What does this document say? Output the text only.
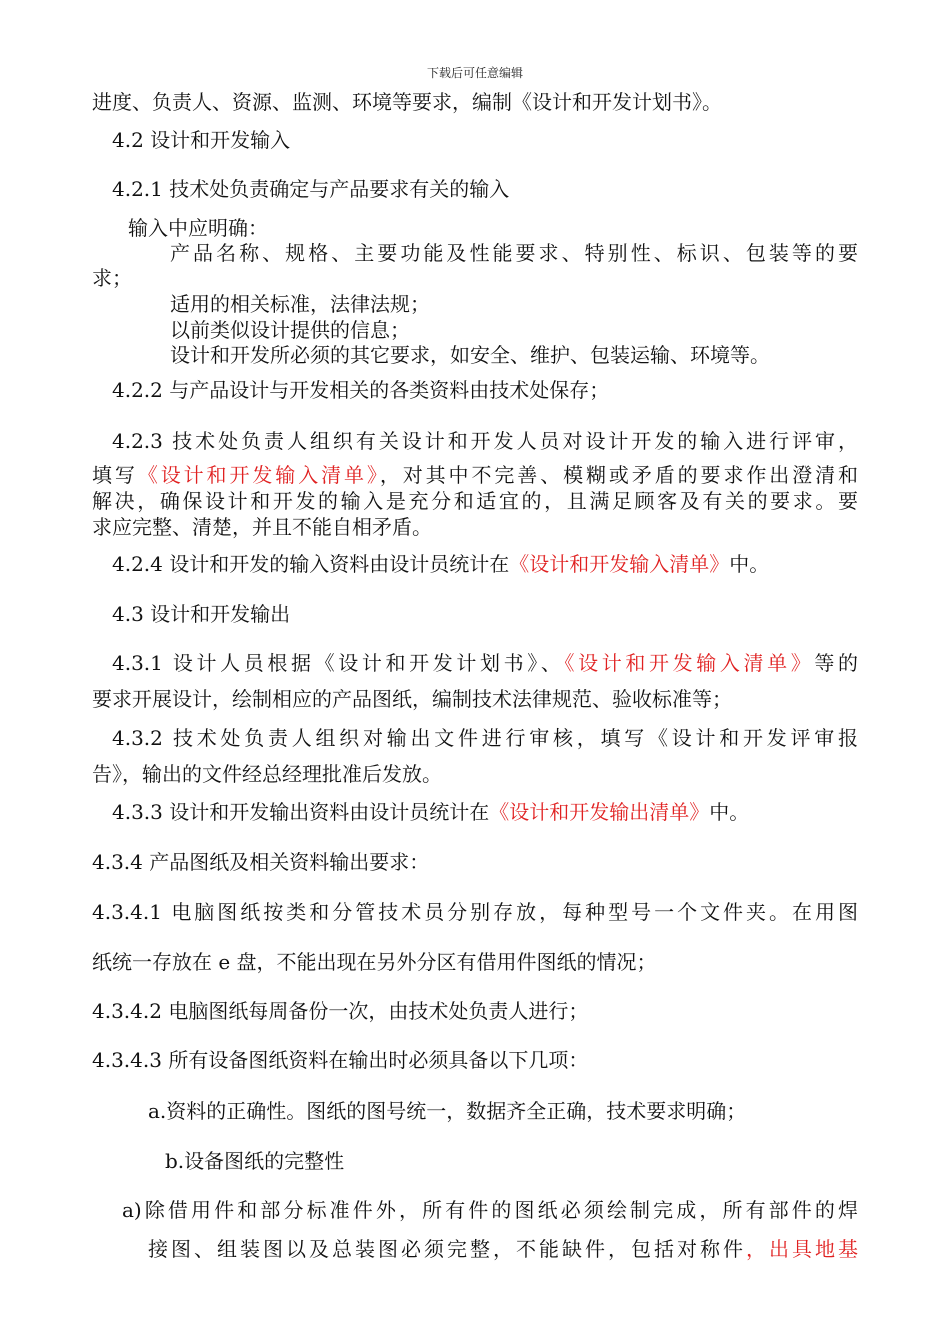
下载后可任意编辑
进度、负责人、资源、监测、环境等要求，编制《设计和开发计划书》。
4.2 设计和开发输入
4.2.1 技术处负责确定与产品要求有关的输入
输入中应明确：
产品名称、规格、主要功能及性能要求、特别性、标识、包装等的要
求；
适用的相关标准，法律法规；
以前类似设计提供的信息；
设计和开发所必须的其它要求，如安全、维护、包装运输、环境等。
4.2.2 与产品设计与开发相关的各类资料由技术处保存；
4.2.3 技术处负责人组织有关设计和开发人员对设计开发的输入进行评审，
填写《设计和开发输入清单》，对其中不完善、模糊或矛盾的要求作出澄清和
解决，确保设计和开发的输入是充分和适宜的，且满足顾客及有关的要求。要
求应完整、清楚，并且不能自相矛盾。
4.2.4 设计和开发的输入资料由设计员统计在《设计和开发输入清单》中。
4.3 设计和开发输出
4.3.1 设计人员根据《设计和开发计划书》、《设计和开发输入清单》等的
要求开展设计，绘制相应的产品图纸，编制技术法律规范、验收标准等；
4.3.2 技术处负责人组织对输出文件进行审核，填写《设计和开发评审报
告》，输出的文件经总经理批准后发放。
4.3.3 设计和开发输出资料由设计员统计在《设计和开发输出清单》中。
4.3.4 产品图纸及相关资料输出要求：
4.3.4.1 电脑图纸按类和分管技术员分别存放，每种型号一个文件夹。在用图
纸统一存放在 e 盘，不能出现在另外分区有借用件图纸的情况；
4.3.4.2 电脑图纸每周备份一次，由技术处负责人进行；
4.3.4.3 所有设备图纸资料在输出时必须具备以下几项：
a.资料的正确性。图纸的图号统一，数据齐全正确，技术要求明确；
b.设备图纸的完整性
a)除借用件和部分标准件外，所有件的图纸必须绘制完成，所有部件的焊
接图、组装图以及总装图必须完整，不能缺件，包括对称件，出具地基
